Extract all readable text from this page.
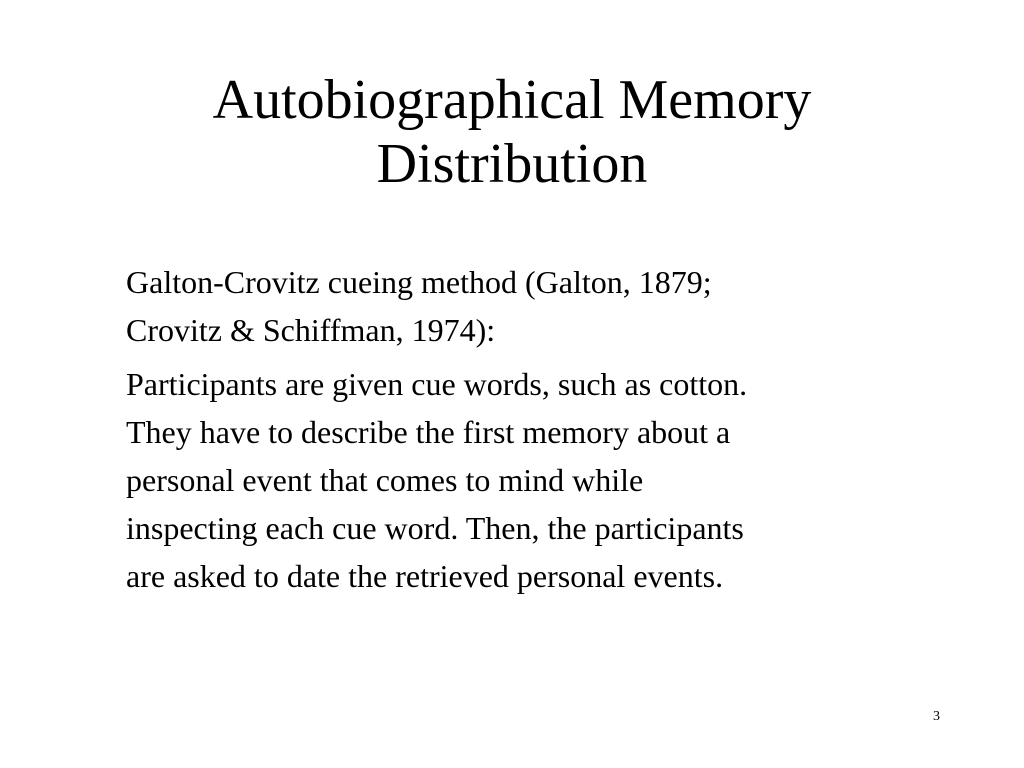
Autobiographical Memory
Distribution

Galton-Crovitz cueing method (Galton, 1879;
Crovitz & Schiffman, 1974):

Participants are given cue words, such as cotton.
They have to describe the first memory about a
personal event that comes to mind while
inspecting each cue word. Then, the participants
are asked to date the retrieved personal events.

3
